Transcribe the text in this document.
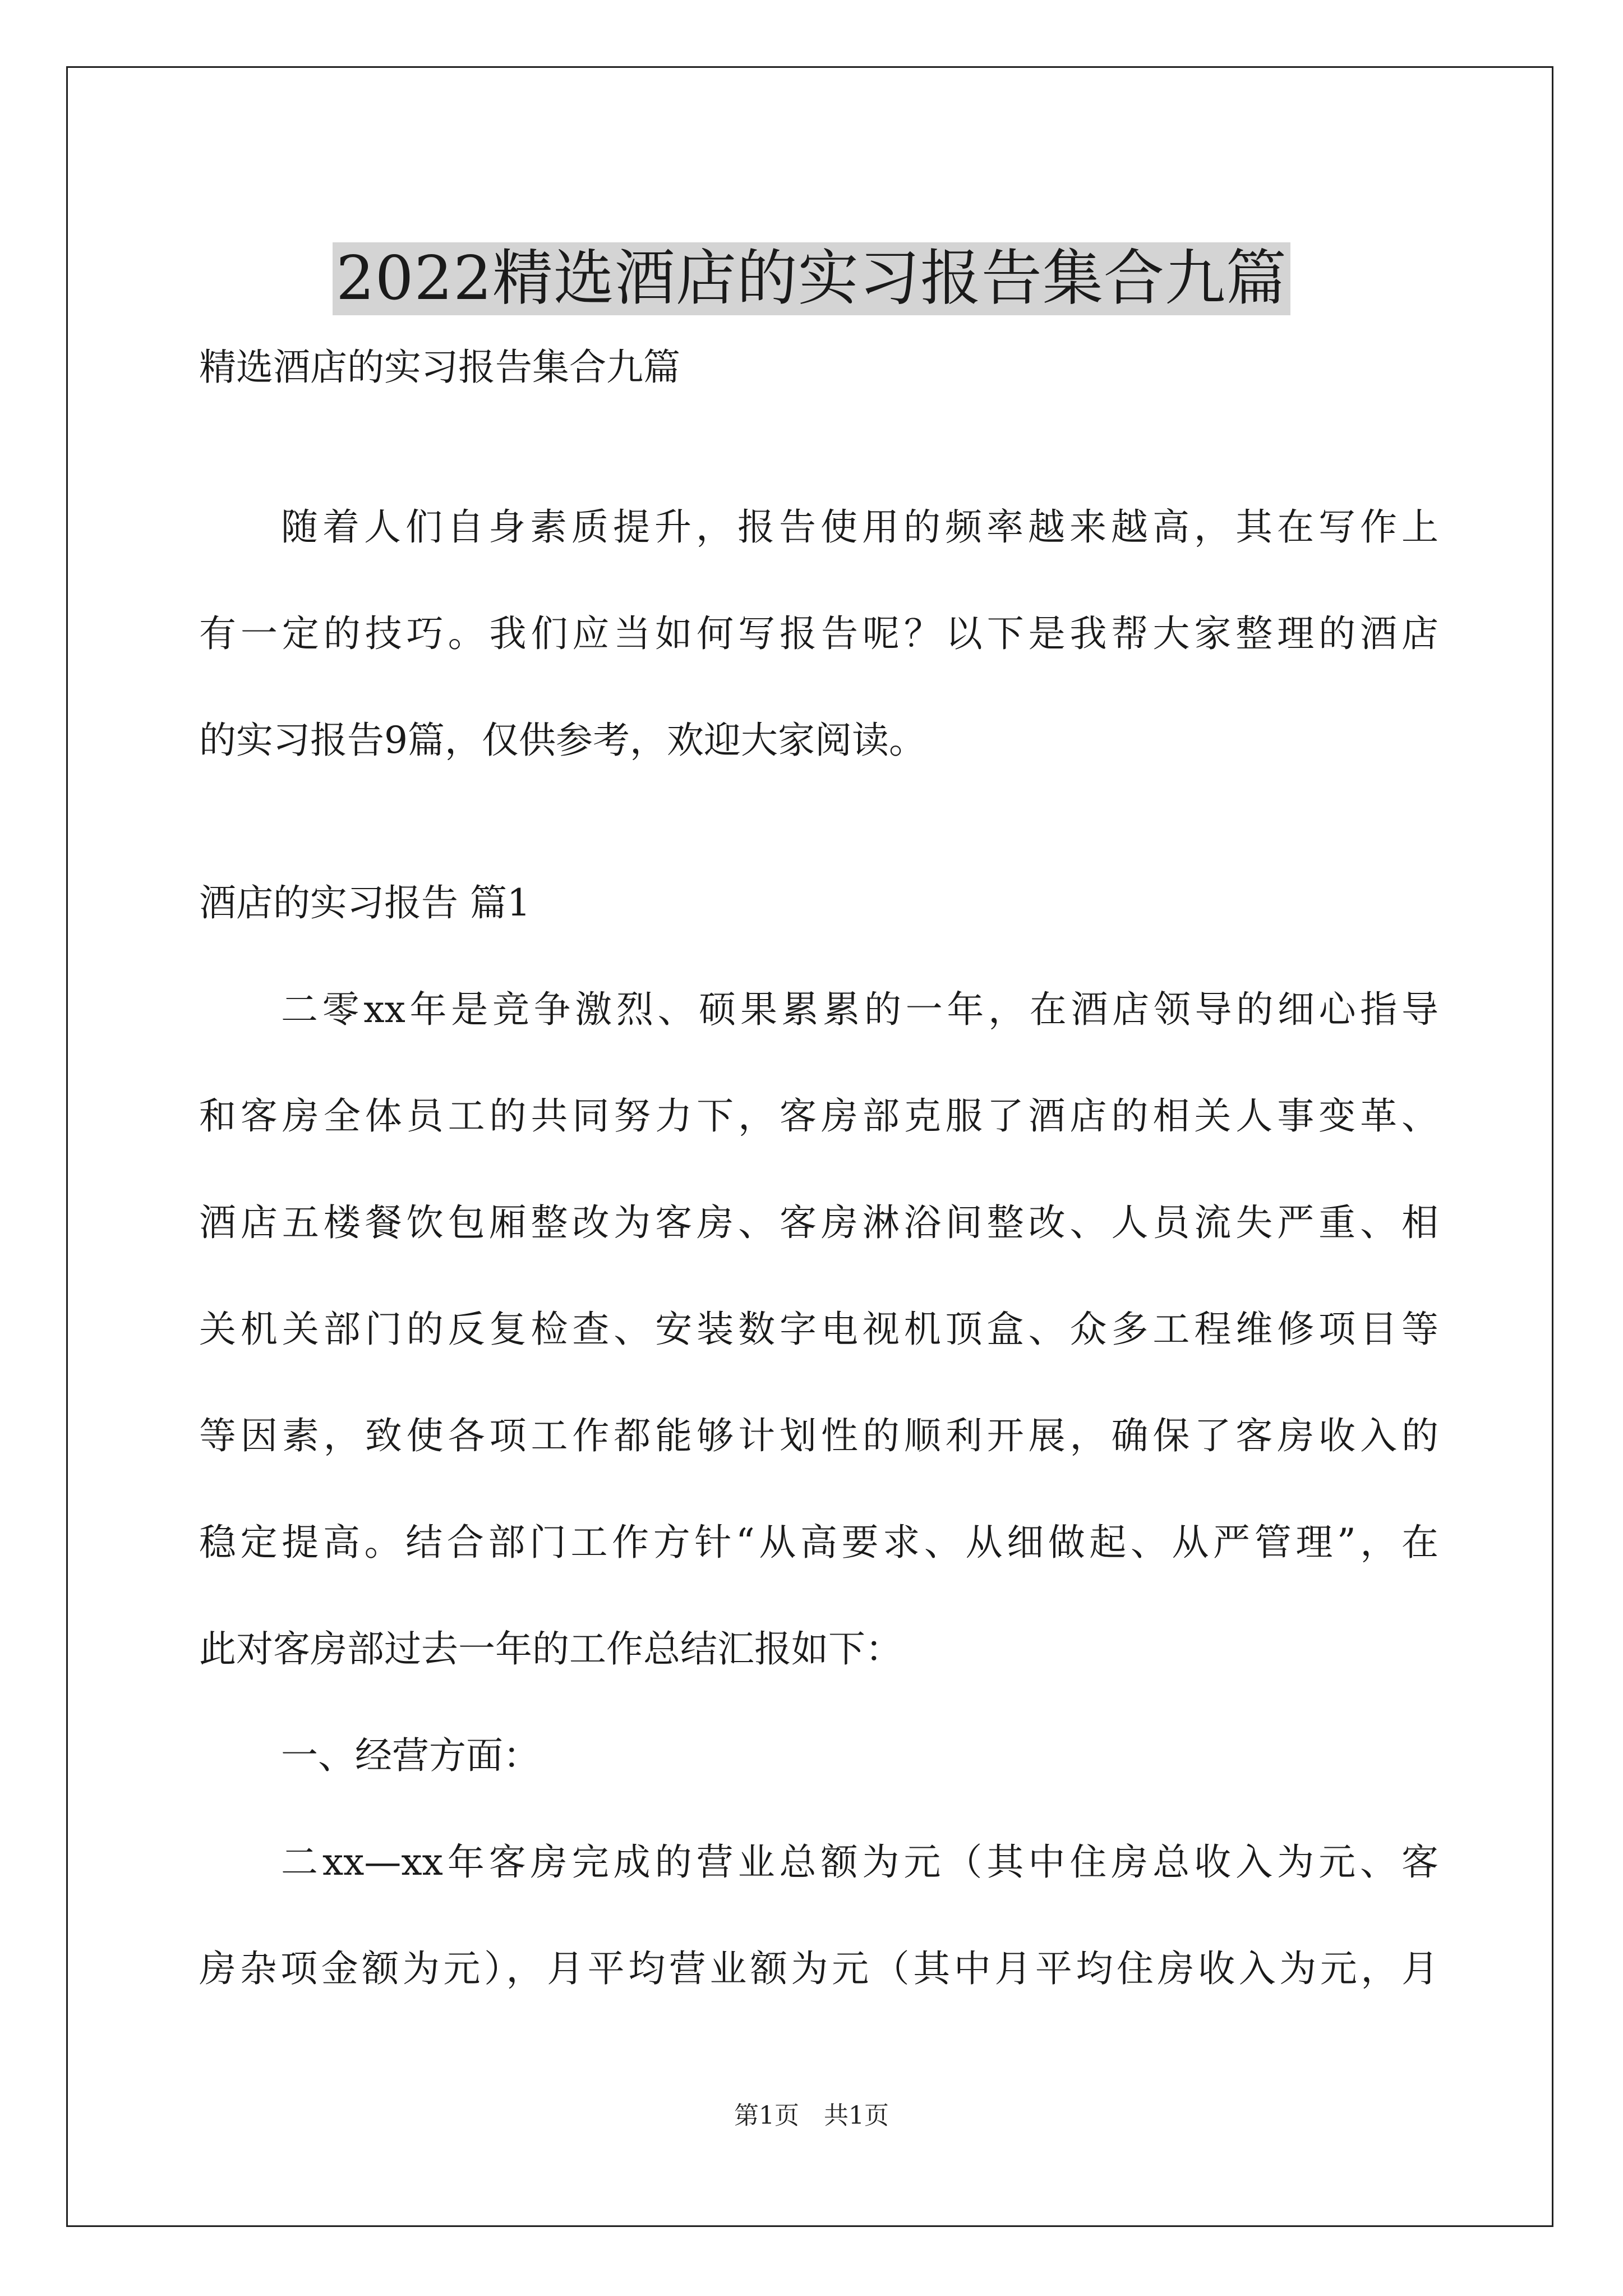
2022精选酒店的实习报告集合九篇
精选酒店的实习报告集合九篇
随着人们自身素质提升，报告使用的频率越来越高，其在写作上
有一定的技巧。我们应当如何写报告呢？以下是我帮大家整理的酒店
的实习报告9篇，仅供参考，欢迎大家阅读。
酒店的实习报告 篇1
二零xx年是竞争激烈、硕果累累的一年，在酒店领导的细心指导
和客房全体员工的共同努力下，客房部克服了酒店的相关人事变革、
酒店五楼餐饮包厢整改为客房、客房淋浴间整改、人员流失严重、相
关机关部门的反复检查、安装数字电视机顶盒、众多工程维修项目等
等因素，致使各项工作都能够计划性的顺利开展，确保了客房收入的
稳定提高。结合部门工作方针“从高要求、从细做起、从严管理”，在
此对客房部过去一年的工作总结汇报如下：
一、经营方面：
二xx—xx年客房完成的营业总额为元（其中住房总收入为元、客
房杂项金额为元），月平均营业额为元（其中月平均住房收入为元，月
第1页　共1页
